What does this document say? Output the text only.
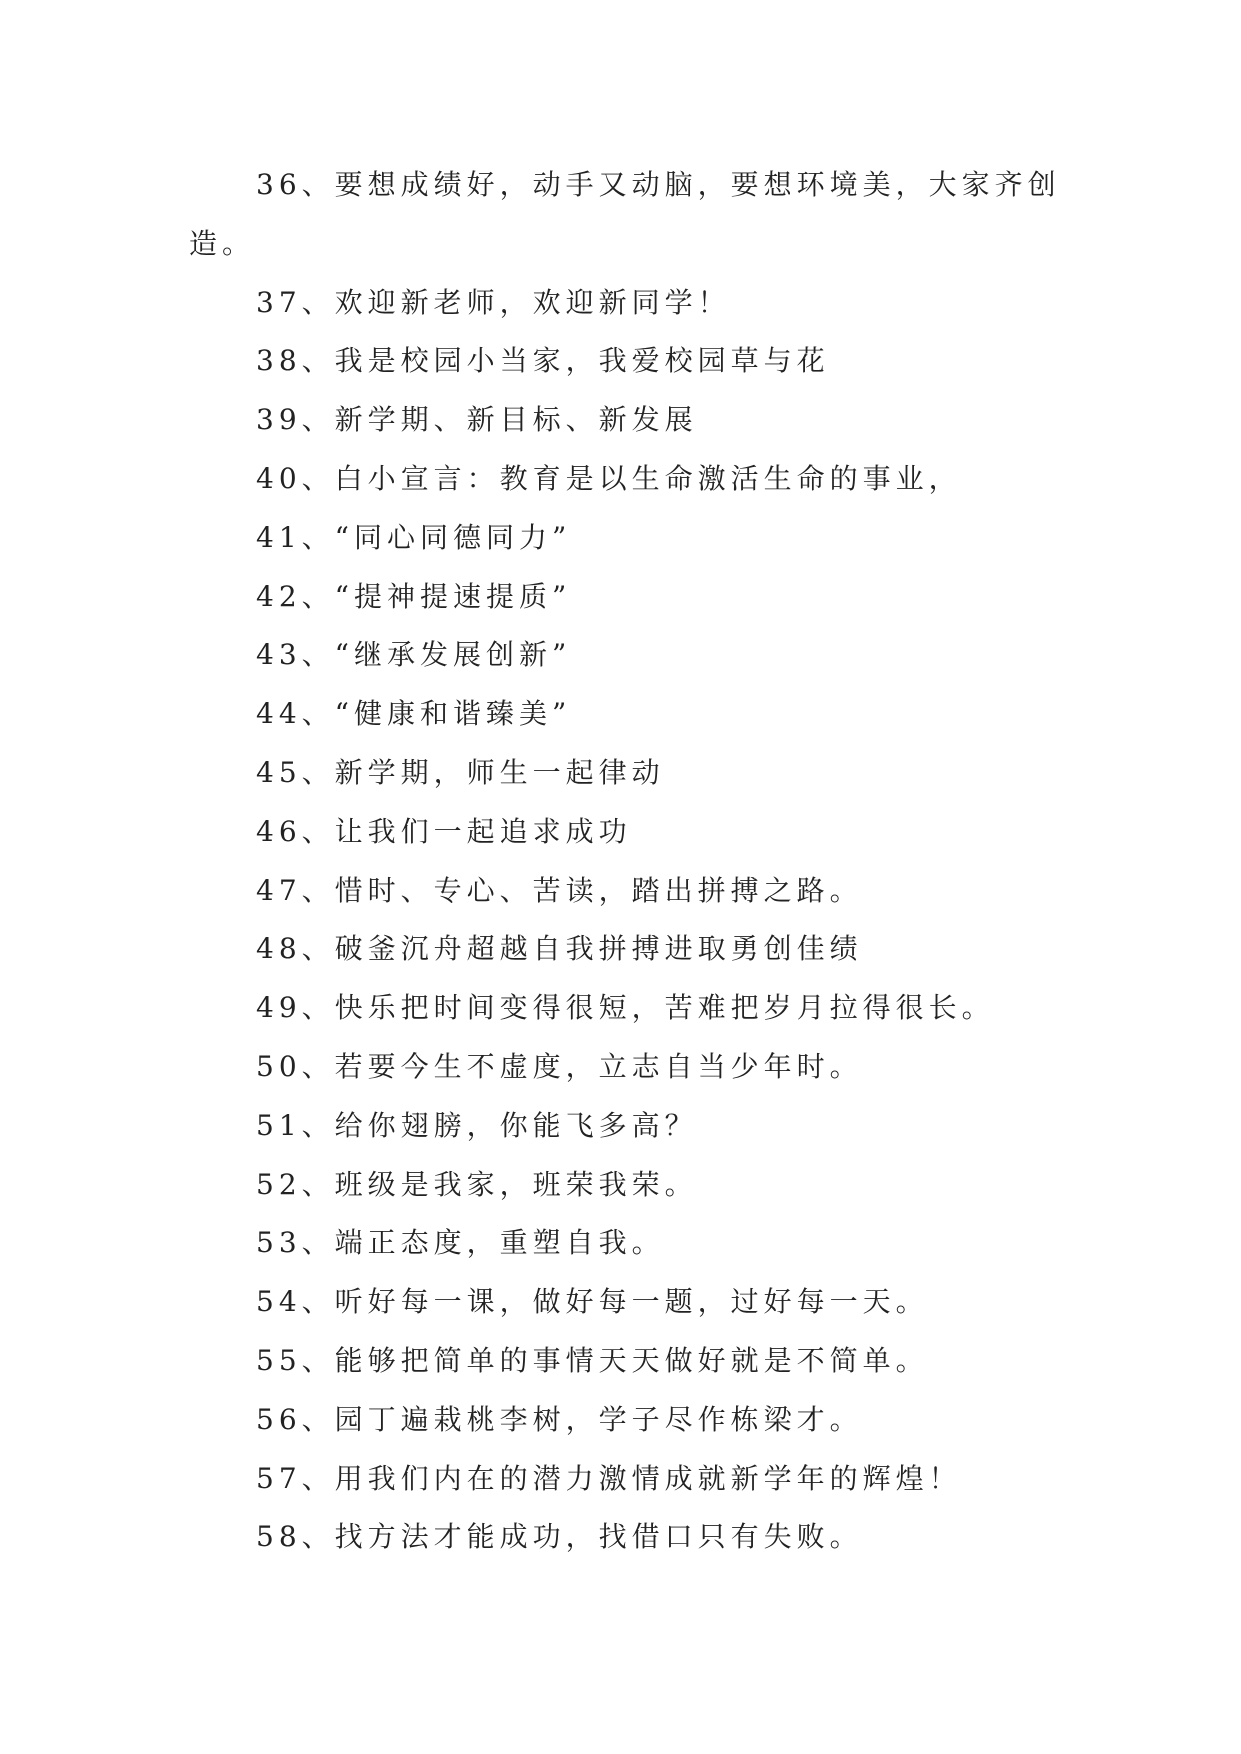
36、要想成绩好，动手又动脑，要想环境美，大家齐创
造。
37、欢迎新老师，欢迎新同学！
38、我是校园小当家，我爱校园草与花
39、新学期、新目标、新发展
40、白小宣言：教育是以生命激活生命的事业，
41、“同心同德同力”
42、“提神提速提质”
43、“继承发展创新”
44、“健康和谐臻美”
45、新学期，师生一起律动
46、让我们一起追求成功
47、惜时、专心、苦读，踏出拼搏之路。
48、破釜沉舟超越自我拼搏进取勇创佳绩
49、快乐把时间变得很短，苦难把岁月拉得很长。
50、若要今生不虚度，立志自当少年时。
51、给你翅膀，你能飞多高？
52、班级是我家，班荣我荣。
53、端正态度，重塑自我。
54、听好每一课，做好每一题，过好每一天。
55、能够把简单的事情天天做好就是不简单。
56、园丁遍栽桃李树，学子尽作栋梁才。
57、用我们内在的潜力激情成就新学年的辉煌！
58、找方法才能成功，找借口只有失败。
